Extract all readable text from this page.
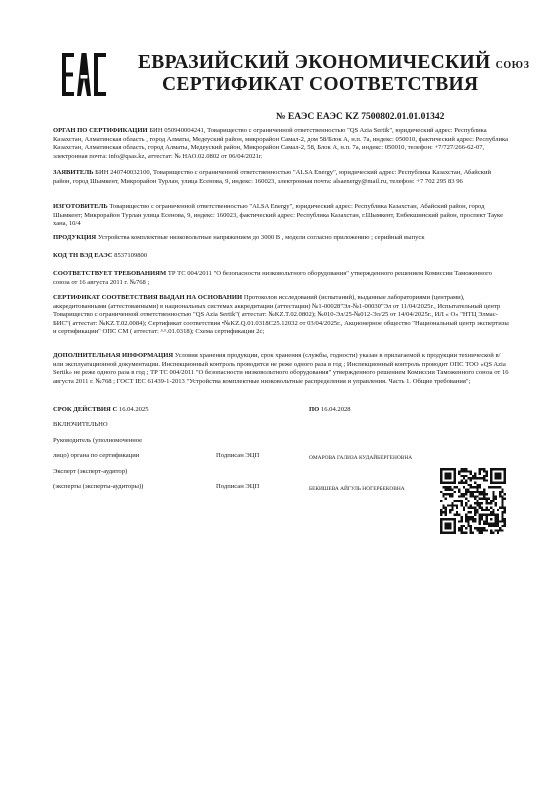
ЕВРАЗИЙСКИЙ ЭКОНОМИЧЕСКИЙ СОЮЗ
СЕРТИФИКАТ СООТВЕТСТВИЯ
№ ЕАЭС ЕАЭС KZ 7500802.01.01.01342
ОРГАН ПО СЕРТИФИКАЦИИ БИН 050940004241, Товарищество с ограниченной ответственностью "QS Azia Sertik", юридический адрес: Республика Казахстан, Алматинская область , город Алматы, Медеуский район, микрорайон Самал-2, дом 58/Блок А, н.п. 7а, индекс: 050010, фактический адрес: Республика Казахстан, Алматинская область, город Алматы, Медеуский район, Микрорайон Самал-2, 58, Блок А, н.п. 7а, индекс: 050010, телефон: +7/727/266-62-07, электронная почта: info@qsas.kz, аттестат: № НАО.02.0802 от 06/04/2021г.
ЗАЯВИТЕЛЬ БИН 240740032100, Товарищество с ограниченной ответственностью "ALSA Energy", юридический адрес: Республика Казахстан, Абайский район, город Шымкент, Микрорайон Турлан, улица Есенова, 9, индекс: 160023, электронная почта: alsaenergy@mail.ru, телефон: +7 702 295 83 96
ИЗГОТОВИТЕЛЬ Товарищество с ограниченной ответственностью "ALSA Energy", юридический адрес: Республика Казахстан, Абайский район, город Шымкент; Микрорайон Турлан улица Есенова, 9, индекс: 160023, фактический адрес: Республика Казахстан, г.Шымкент, Енбекшинский район, проспект Тауке хана, 10/4
ПРОДУКЦИЯ Устройства комплектные низковольтные напряжением до 3000 В , модели согласно приложению ; серийный выпуск
КОД ТН ВЭД ЕАЭС 8537109800
СООТВЕТСТВУЕТ ТРЕБОВАНИЯМ ТР ТС 004/2011 "О безопасности низковольтного оборудования" утвержденного решением Комиссии Таможенного союза от 16 августа 2011 г. №768 ;
СЕРТИФИКАТ СООТВЕТСТВИЯ ВЫДАН НА ОСНОВАНИИ Протоколов исследований (испытаний), выданные лабораториями (центрами), аккредитованными (аттестованными) в национальных системах аккредитации (аттестации) №1-00028"Эл-№1-00030"Эл от 11/04/2025г., Испытательный центр Товарищество с ограниченной ответственностью "QS Azia Sertik"( аттестат: №KZ.T.02.0802); №010-Эл/25-№012-Эл/25 от 14/04/2025г., ИЛ « О» "НТЦ Элмас-БИС"( аттестат: №KZ.T.02.0084); Сертификат соответствия •№KZ.Q.01.0318С25.12032 от 03/04/2025г., Акционерное общество "Национальный центр экспертизы и сертификации" ОПС СМ ( аттестат: ^^.01.0318); Схема сертификации 2с;
ДОПОЛНИТЕЛЬНАЯ ИНФОРМАЦИЯ Условия хранения продукции, срок хранения (службы, годности) указан в прилагаемой к продукции технической в/или эксплуатационной документации. Инспекционный контроль проводится не реже одного раза в год ; Инспекционный контроль проводит ОПС ТОО «QS Azia Sertik» не реже одного раза в год ; ТР ТС 004/2011 "О безопасности низковольтного оборудования" утвержденного решением Комиссии Таможенного союза от 16 августа 2011 г. №768 ; ГОСТ IEC 61439-1-2013 "Устройства комплектные низковольтные распределения и управления. Часть 1. Общие требования";
СРОК ДЕЙСТВИЯ С 16.04.2025	ПО 16.04.2028
ВКЛЮЧИТЕЛЬНО
Руководитель (уполномоченное
лицо) органа по сертификации	Подписан ЭЦП	ОМАРОВА ГАЛИЗА КУДАЙБЕРГЕНОВНА
Эксперт (эксперт-аудитор)
(эксперты (эксперты-аудиторы))	Подписан ЭЦП	БЕКИШЕВА АЙГУЛЬ НОГЕРБЕКОВНА
